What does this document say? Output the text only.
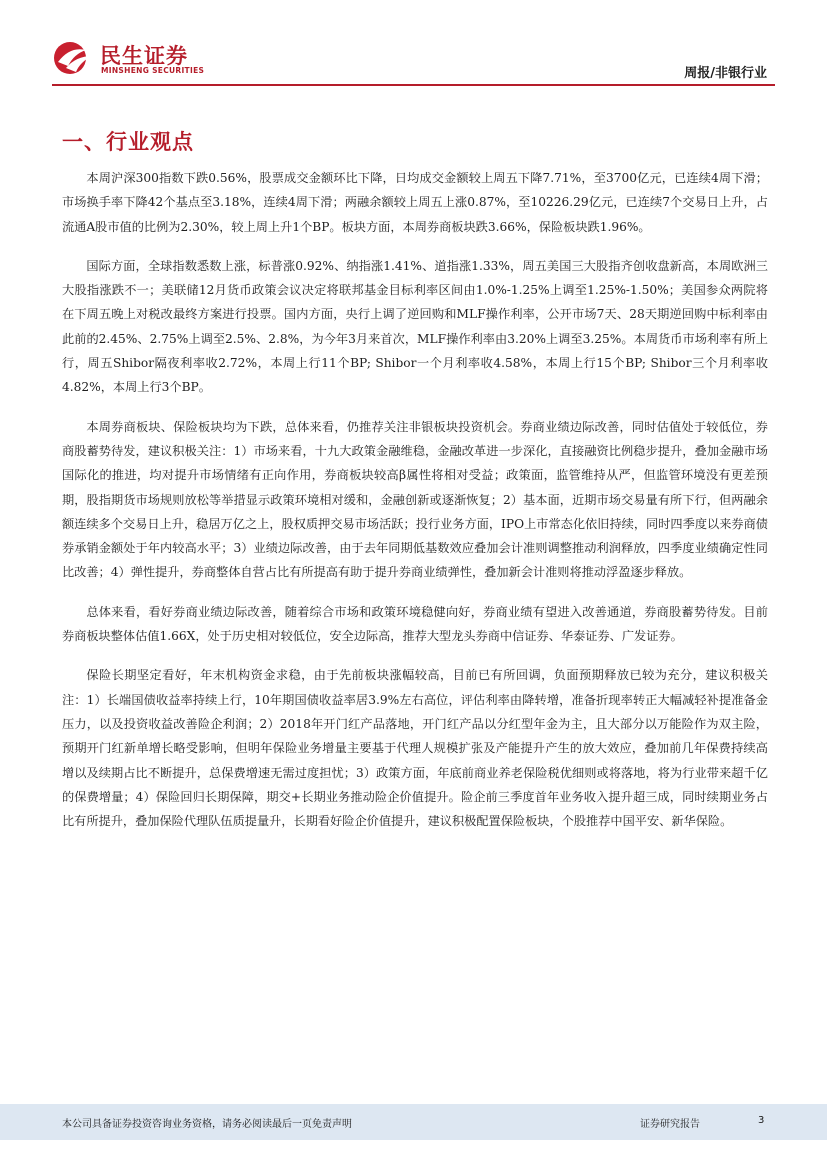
民生证券
MINSHENG SECURITIES	周报/非银行业
一、行业观点

本周沪深300指数下跌0.56%，股票成交金额环比下降，日均成交金额较上周五下降7.71%，至3700亿元，已连续4周下滑；市场换手率下降42个基点至3.18%，连续4周下滑；两融余额较上周五上涨0.87%，至10226.29亿元，已连续7个交易日上升，占流通A股市值的比例为2.30%，较上周上升1个BP。板块方面，本周券商板块跌3.66%，保险板块跌1.96%。

国际方面，全球指数悉数上涨，标普涨0.92%、纳指涨1.41%、道指涨1.33%，周五美国三大股指齐创收盘新高，本周欧洲三大股指涨跌不一；美联储12月货币政策会议决定将联邦基金目标利率区间由1.0%-1.25%上调至1.25%-1.50%；美国参众两院将在下周五晚上对税改最终方案进行投票。国内方面，央行上调了逆回购和MLF操作利率，公开市场7天、28天期逆回购中标利率由此前的2.45%、2.75%上调至2.5%、2.8%，为今年3月来首次，MLF操作利率由3.20%上调至3.25%。本周货币市场利率有所上行，周五Shibor隔夜利率收2.72%，本周上行11个BP; Shibor一个月利率收4.58%，本周上行15个BP; Shibor三个月利率收4.82%，本周上行3个BP。

本周券商板块、保险板块均为下跌，总体来看，仍推荐关注非银板块投资机会。券商业绩边际改善，同时估值处于较低位，券商股蓄势待发，建议积极关注：1）市场来看，十九大政策金融维稳，金融改革进一步深化，直接融资比例稳步提升，叠加金融市场国际化的推进，均对提升市场情绪有正向作用，券商板块较高β属性将相对受益；政策面，监管维持从严，但监管环境没有更差预期，股指期货市场规则放松等举措显示政策环境相对缓和，金融创新或逐渐恢复；2）基本面，近期市场交易量有所下行，但两融余额连续多个交易日上升，稳居万亿之上，股权质押交易市场活跃；投行业务方面，IPO上市常态化依旧持续，同时四季度以来券商债券承销金额处于年内较高水平；3）业绩边际改善，由于去年同期低基数效应叠加会计准则调整推动利润释放，四季度业绩确定性同比改善；4）弹性提升，券商整体自营占比有所提高有助于提升券商业绩弹性，叠加新会计准则将推动浮盈逐步释放。

总体来看，看好券商业绩边际改善，随着综合市场和政策环境稳健向好，券商业绩有望进入改善通道，券商股蓄势待发。目前券商板块整体估值1.66X，处于历史相对较低位，安全边际高，推荐大型龙头券商中信证券、华泰证券、广发证券。

保险长期坚定看好，年末机构资金求稳，由于先前板块涨幅较高，目前已有所回调，负面预期释放已较为充分，建议积极关注：1）长端国债收益率持续上行，10年期国债收益率居3.9%左右高位，评估利率由降转增，准备折现率转正大幅减轻补提准备金压力，以及投资收益改善险企利润；2）2018年开门红产品落地，开门红产品以分红型年金为主，且大部分以万能险作为双主险，预期开门红新单增长略受影响，但明年保险业务增量主要基于代理人规模扩张及产能提升产生的放大效应，叠加前几年保费持续高增以及续期占比不断提升，总保费增速无需过度担忧；3）政策方面，年底前商业养老保险税优细则或将落地，将为行业带来超千亿的保费增量；4）保险回归长期保障，期交+长期业务推动险企价值提升。险企前三季度首年业务收入提升超三成，同时续期业务占比有所提升，叠加保险代理队伍质提量升，长期看好险企价值提升，建议积极配置保险板块，个股推荐中国平安、新华保险。

本公司具备证券投资咨询业务资格，请务必阅读最后一页免责声明	证券研究报告	3
